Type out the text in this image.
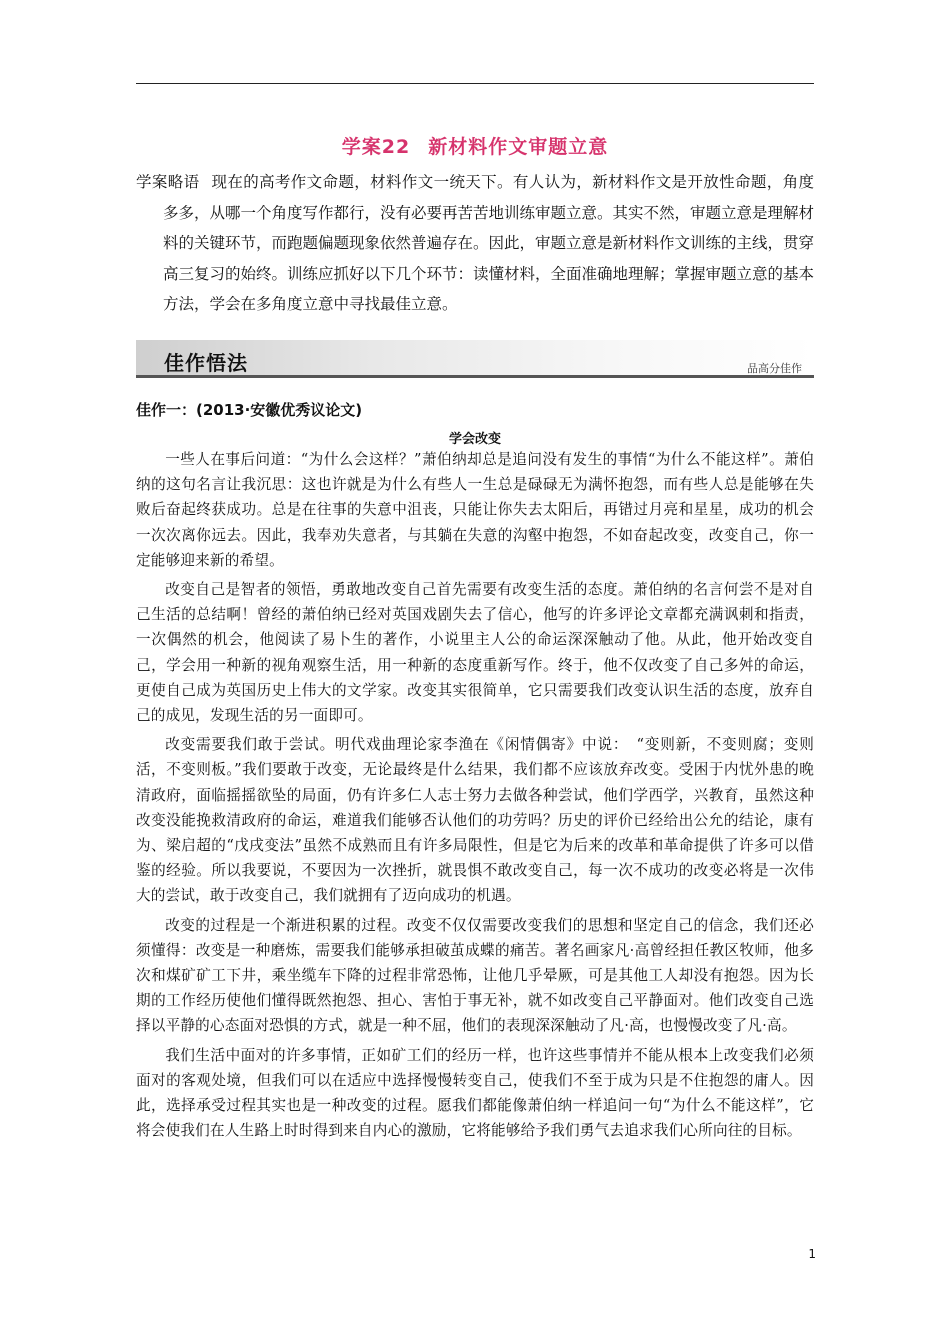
学案22 新材料作文审题立意

学案略语 现在的高考作文命题，材料作文一统天下。有人认为，新材料作文是开放性命题，角度多多，从哪一个角度写作都行，没有必要再苦苦地训练审题立意。其实不然，审题立意是理解材料的关键环节，而跑题偏题现象依然普遍存在。因此，审题立意是新材料作文训练的主线，贯穿高三复习的始终。训练应抓好以下几个环节：读懂材料，全面准确地理解；掌握审题立意的基本方法，学会在多角度立意中寻找最佳立意。

佳作悟法	品高分佳作
佳作一：(2013·安徽优秀议论文)
学会改变

一些人在事后问道：“为什么会这样？”萧伯纳却总是追问没有发生的事情“为什么不能这样”。萧伯纳的这句名言让我沉思：这也许就是为什么有些人一生总是碌碌无为满怀抱怨，而有些人总是能够在失败后奋起终获成功。总是在往事的失意中沮丧，只能让你失去太阳后，再错过月亮和星星，成功的机会一次次离你远去。因此，我奉劝失意者，与其躺在失意的沟壑中抱怨，不如奋起改变，改变自己，你一定能够迎来新的希望。

改变自己是智者的领悟，勇敢地改变自己首先需要有改变生活的态度。萧伯纳的名言何尝不是对自己生活的总结啊！曾经的萧伯纳已经对英国戏剧失去了信心，他写的许多评论文章都充满讽刺和指责，一次偶然的机会，他阅读了易卜生的著作，小说里主人公的命运深深触动了他。从此，他开始改变自己，学会用一种新的视角观察生活，用一种新的态度重新写作。终于，他不仅改变了自己多舛的命运，更使自己成为英国历史上伟大的文学家。改变其实很简单，它只需要我们改变认识生活的态度，放弃自己的成见，发现生活的另一面即可。

改变需要我们敢于尝试。明代戏曲理论家李渔在《闲情偶寄》中说：　“变则新，不变则腐；变则活，不变则板。”我们要敢于改变，无论最终是什么结果，我们都不应该放弃改变。受困于内忧外患的晚清政府，面临摇摇欲坠的局面，仍有许多仁人志士努力去做各种尝试，他们学西学，兴教育，虽然这种改变没能挽救清政府的命运，难道我们能够否认他们的功劳吗？历史的评价已经给出公允的结论，康有为、梁启超的“戊戌变法”虽然不成熟而且有许多局限性，但是它为后来的改革和革命提供了许多可以借鉴的经验。所以我要说，不要因为一次挫折，就畏惧不敢改变自己，每一次不成功的改变必将是一次伟大的尝试，敢于改变自己，我们就拥有了迈向成功的机遇。

改变的过程是一个渐进积累的过程。改变不仅仅需要改变我们的思想和坚定自己的信念，我们还必须懂得：改变是一种磨炼，需要我们能够承担破茧成蝶的痛苦。著名画家凡·高曾经担任教区牧师，他多次和煤矿矿工下井，乘坐缆车下降的过程非常恐怖，让他几乎晕厥，可是其他工人却没有抱怨。因为长期的工作经历使他们懂得既然抱怨、担心、害怕于事无补，就不如改变自己平静面对。他们改变自己选择以平静的心态面对恐惧的方式，就是一种不屈，他们的表现深深触动了凡·高，也慢慢改变了凡·高。

我们生活中面对的许多事情，正如矿工们的经历一样，也许这些事情并不能从根本上改变我们必须面对的客观处境，但我们可以在适应中选择慢慢转变自己，使我们不至于成为只是不住抱怨的庸人。因此，选择承受过程其实也是一种改变的过程。愿我们都能像萧伯纳一样追问一句“为什么不能这样”，它将会使我们在人生路上时时得到来自内心的激励，它将能够给予我们勇气去追求我们心所向往的目标。

1
